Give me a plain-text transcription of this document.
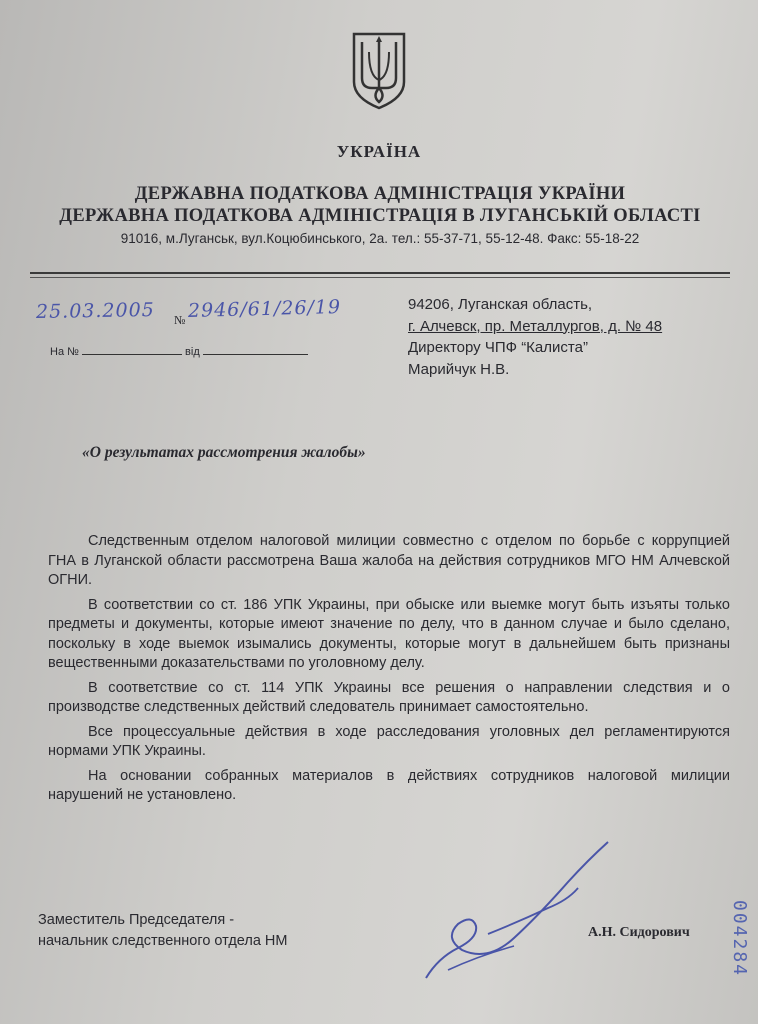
УКРАЇНА
ДЕРЖАВНА ПОДАТКОВА АДМІНІСТРАЦІЯ УКРАЇНИ
ДЕРЖАВНА ПОДАТКОВА АДМІНІСТРАЦІЯ В ЛУГАНСЬКІЙ ОБЛАСТІ
91016, м.Луганськ, вул.Коцюбинського, 2а. тел.: 55-37-71, 55-12-48. Факс: 55-18-22
25.03.2005 № 2946/61/26/19
На №	від
94206, Луганская область,
г. Алчевск, пр. Металлургов, д. № 48
Директору ЧПФ “Калиста”
Марийчук Н.В.
«О результатах рассмотрения жалобы»

Следственным отделом налоговой милиции совместно с отделом по борьбе с коррупцией ГНА в Луганской области рассмотрена Ваша жалоба на действия сотрудников МГО НМ Алчевской ОГНИ.

В соответствии со ст. 186 УПК Украины, при обыске или выемке могут быть изъяты только предметы и документы, которые имеют значение по делу, что в данном случае и было сделано, поскольку в ходе выемок изымались документы, которые могут в дальнейшем быть признаны вещественными доказательствами по уголовному делу.

В соответствие со ст. 114 УПК Украины все решения о направлении следствия и о производстве следственных действий следователь принимает самостоятельно.

Все процессуальные действия в ходе расследования уголовных дел регламентируются нормами УПК Украины.

На основании собранных материалов в действиях сотрудников налоговой милиции нарушений не установлено.

Заместитель Председателя -
начальник следственного отдела НМ
А.Н. Сидорович 004284
